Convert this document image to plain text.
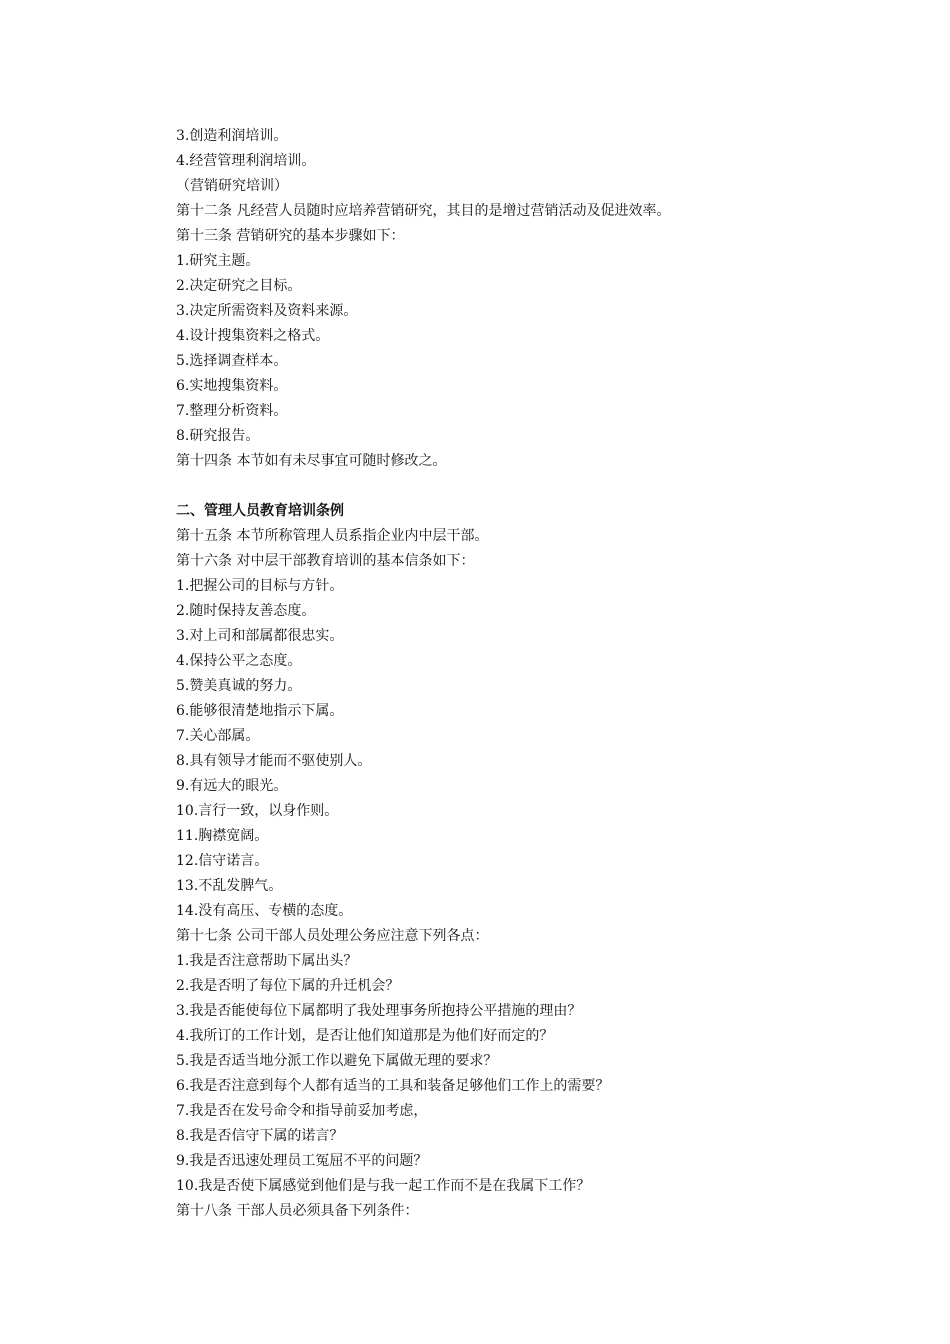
3.创造利润培训。
4.经营管理利润培训。
（营销研究培训）
第十二条 凡经营人员随时应培养营销研究，其目的是增过营销活动及促进效率。
第十三条 营销研究的基本步骤如下：
1.研究主题。
2.决定研究之目标。
3.决定所需资料及资料来源。
4.设计搜集资料之格式。
5.选择调查样本。
6.实地搜集资料。
7.整理分析资料。
8.研究报告。
第十四条 本节如有未尽事宜可随时修改之。
二、管理人员教育培训条例
第十五条 本节所称管理人员系指企业内中层干部。
第十六条 对中层干部教育培训的基本信条如下：
1.把握公司的目标与方针。
2.随时保持友善态度。
3.对上司和部属都很忠实。
4.保持公平之态度。
5.赞美真诚的努力。
6.能够很清楚地指示下属。
7.关心部属。
8.具有领导才能而不驱使别人。
9.有远大的眼光。
10.言行一致，以身作则。
11.胸襟宽阔。
12.信守诺言。
13.不乱发脾气。
14.没有高压、专横的态度。
第十七条 公司干部人员处理公务应注意下列各点：
1.我是否注意帮助下属出头？
2.我是否明了每位下属的升迁机会？
3.我是否能使每位下属都明了我处理事务所抱持公平措施的理由？
4.我所订的工作计划，是否让他们知道那是为他们好而定的？
5.我是否适当地分派工作以避免下属做无理的要求？
6.我是否注意到每个人都有适当的工具和装备足够他们工作上的需要？
7.我是否在发号命令和指导前妥加考虑，
8.我是否信守下属的诺言？
9.我是否迅速处理员工冤屈不平的问题？
10.我是否使下属感觉到他们是与我一起工作而不是在我属下工作？
第十八条 干部人员必须具备下列条件：
